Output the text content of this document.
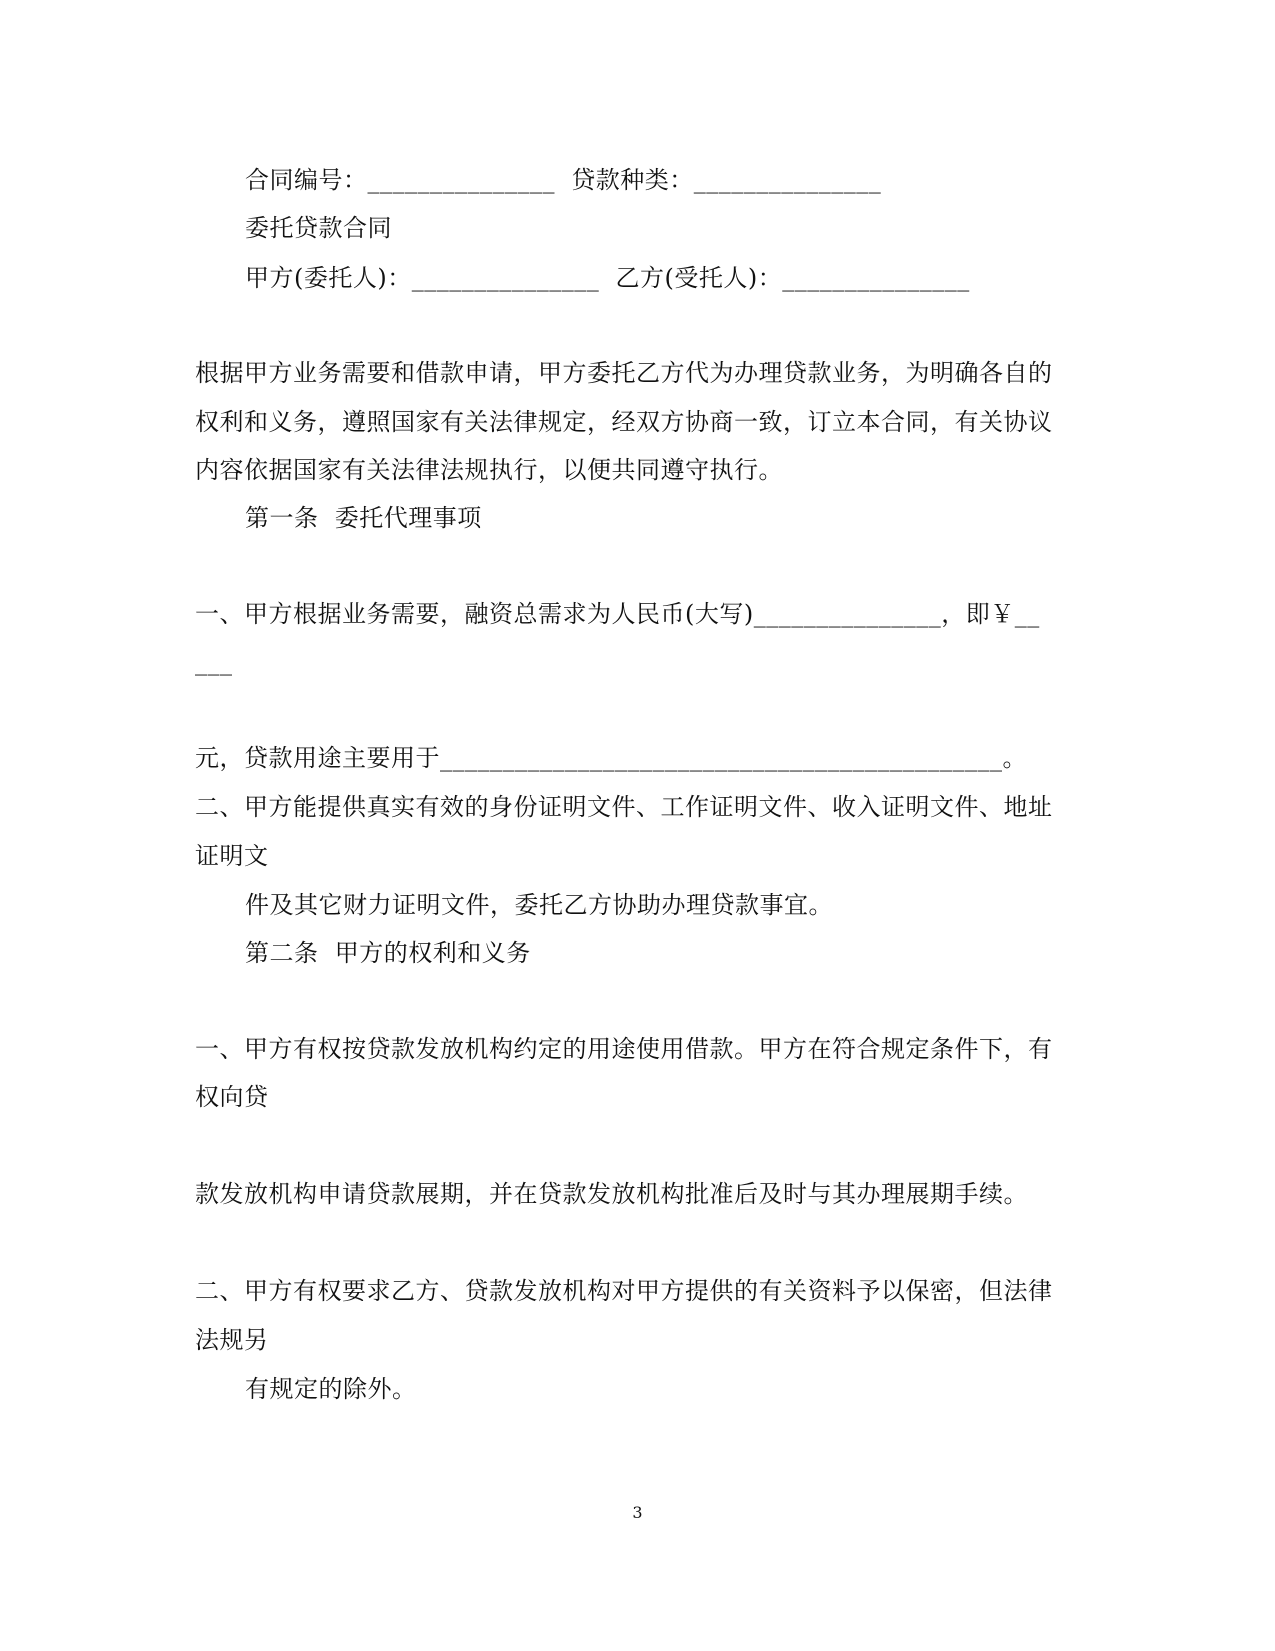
合同编号：_______________  贷款种类：_______________
委托贷款合同
甲方(委托人)：_______________  乙方(受托人)：_______________
根据甲方业务需要和借款申请，甲方委托乙方代为办理贷款业务，为明确各自的
权利和义务，遵照国家有关法律规定，经双方协商一致，订立本合同，有关协议
内容依据国家有关法律法规执行，以便共同遵守执行。
第一条  委托代理事项
一、甲方根据业务需要，融资总需求为人民币(大写)_______________，即￥__
___
元，贷款用途主要用于_____________________________________________。
二、甲方能提供真实有效的身份证明文件、工作证明文件、收入证明文件、地址
证明文
件及其它财力证明文件，委托乙方协助办理贷款事宜。
第二条  甲方的权利和义务
一、甲方有权按贷款发放机构约定的用途使用借款。甲方在符合规定条件下，有
权向贷
款发放机构申请贷款展期，并在贷款发放机构批准后及时与其办理展期手续。
二、甲方有权要求乙方、贷款发放机构对甲方提供的有关资料予以保密，但法律
法规另
有规定的除外。
3
